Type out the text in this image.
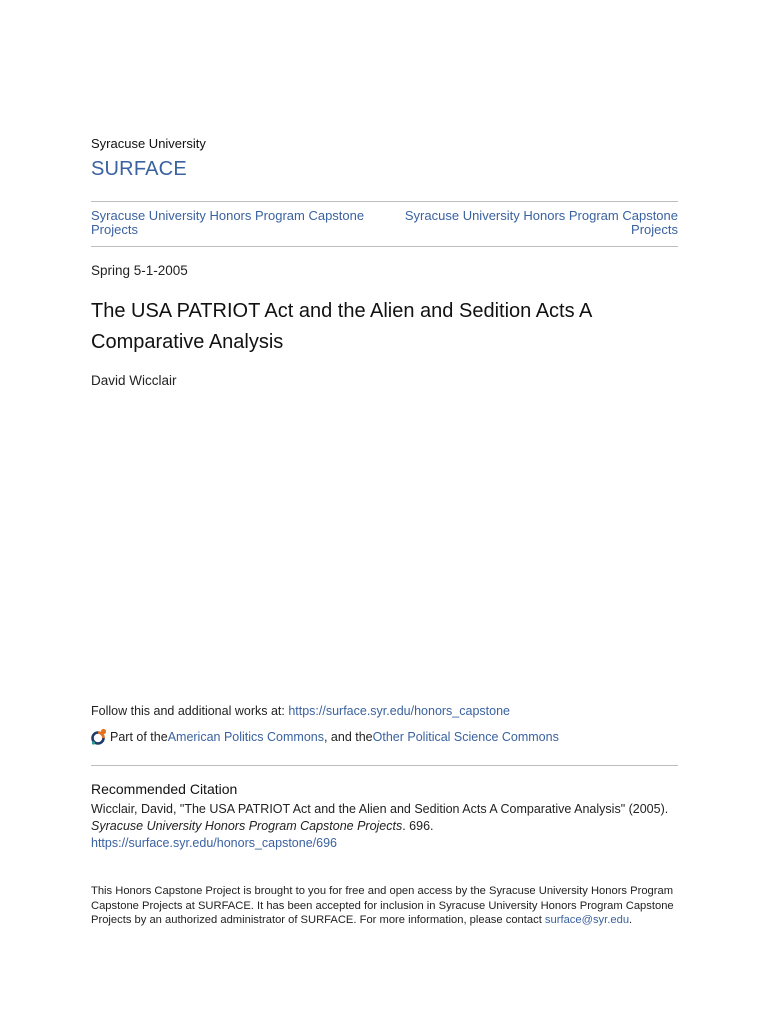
Syracuse University
SURFACE
Syracuse University Honors Program Capstone Projects
Syracuse University Honors Program Capstone Projects
Spring 5-1-2005
The USA PATRIOT Act and the Alien and Sedition Acts A Comparative Analysis
David Wicclair
Follow this and additional works at: https://surface.syr.edu/honors_capstone
Part of the American Politics Commons , and the Other Political Science Commons
Recommended Citation
Wicclair, David, "The USA PATRIOT Act and the Alien and Sedition Acts A Comparative Analysis" (2005).
Syracuse University Honors Program Capstone Projects. 696.
https://surface.syr.edu/honors_capstone/696
This Honors Capstone Project is brought to you for free and open access by the Syracuse University Honors Program Capstone Projects at SURFACE. It has been accepted for inclusion in Syracuse University Honors Program Capstone Projects by an authorized administrator of SURFACE. For more information, please contact surface@syr.edu.
